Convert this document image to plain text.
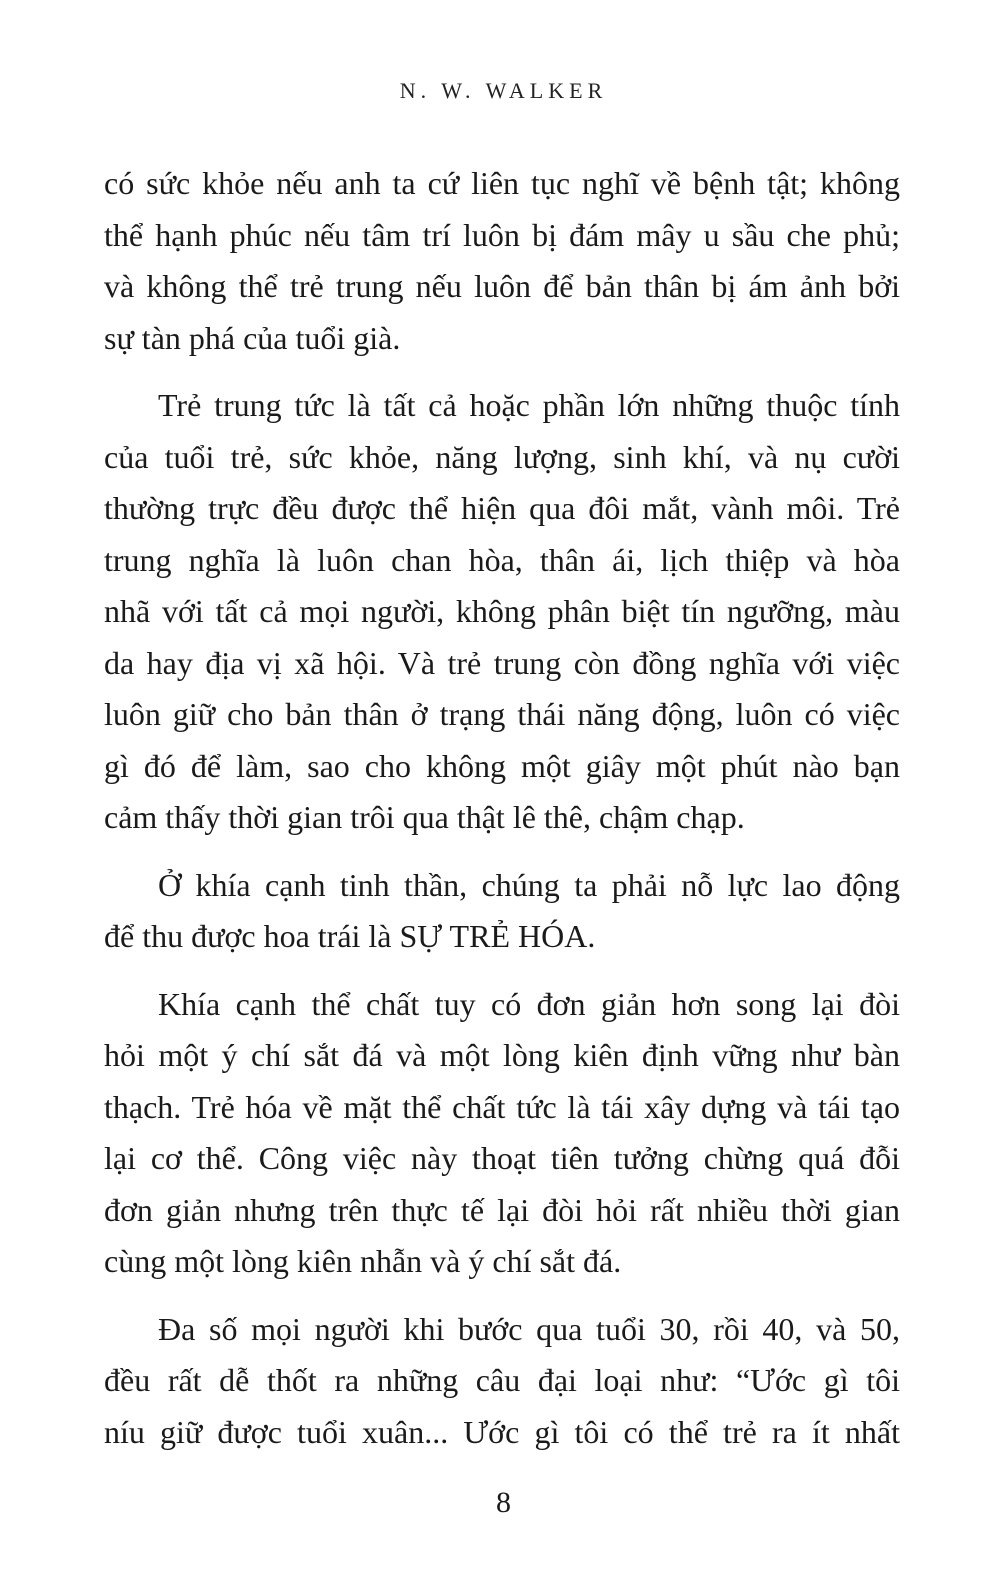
N. W. WALKER

có sức khỏe nếu anh ta cứ liên tục nghĩ về bệnh tật; không
thể hạnh phúc nếu tâm trí luôn bị đám mây u sầu che phủ;
và không thể trẻ trung nếu luôn để bản thân bị ám ảnh bởi
sự tàn phá của tuổi già.

Trẻ trung tức là tất cả hoặc phần lớn những thuộc tính
của tuổi trẻ, sức khỏe, năng lượng, sinh khí, và nụ cười
thường trực đều được thể hiện qua đôi mắt, vành môi. Trẻ
trung nghĩa là luôn chan hòa, thân ái, lịch thiệp và hòa
nhã với tất cả mọi người, không phân biệt tín ngưỡng, màu
da hay địa vị xã hội. Và trẻ trung còn đồng nghĩa với việc
luôn giữ cho bản thân ở trạng thái năng động, luôn có việc
gì đó để làm, sao cho không một giây một phút nào bạn
cảm thấy thời gian trôi qua thật lê thê, chậm chạp.

Ở khía cạnh tinh thần, chúng ta phải nỗ lực lao động
để thu được hoa trái là SỰ TRẺ HÓA.

Khía cạnh thể chất tuy có đơn giản hơn song lại đòi
hỏi một ý chí sắt đá và một lòng kiên định vững như bàn
thạch. Trẻ hóa về mặt thể chất tức là tái xây dựng và tái tạo
lại cơ thể. Công việc này thoạt tiên tưởng chừng quá đỗi
đơn giản nhưng trên thực tế lại đòi hỏi rất nhiều thời gian
cùng một lòng kiên nhẫn và ý chí sắt đá.

Đa số mọi người khi bước qua tuổi 30, rồi 40, và 50,
đều rất dễ thốt ra những câu đại loại như: “Ước gì tôi
níu giữ được tuổi xuân... Ước gì tôi có thể trẻ ra ít nhất

8
